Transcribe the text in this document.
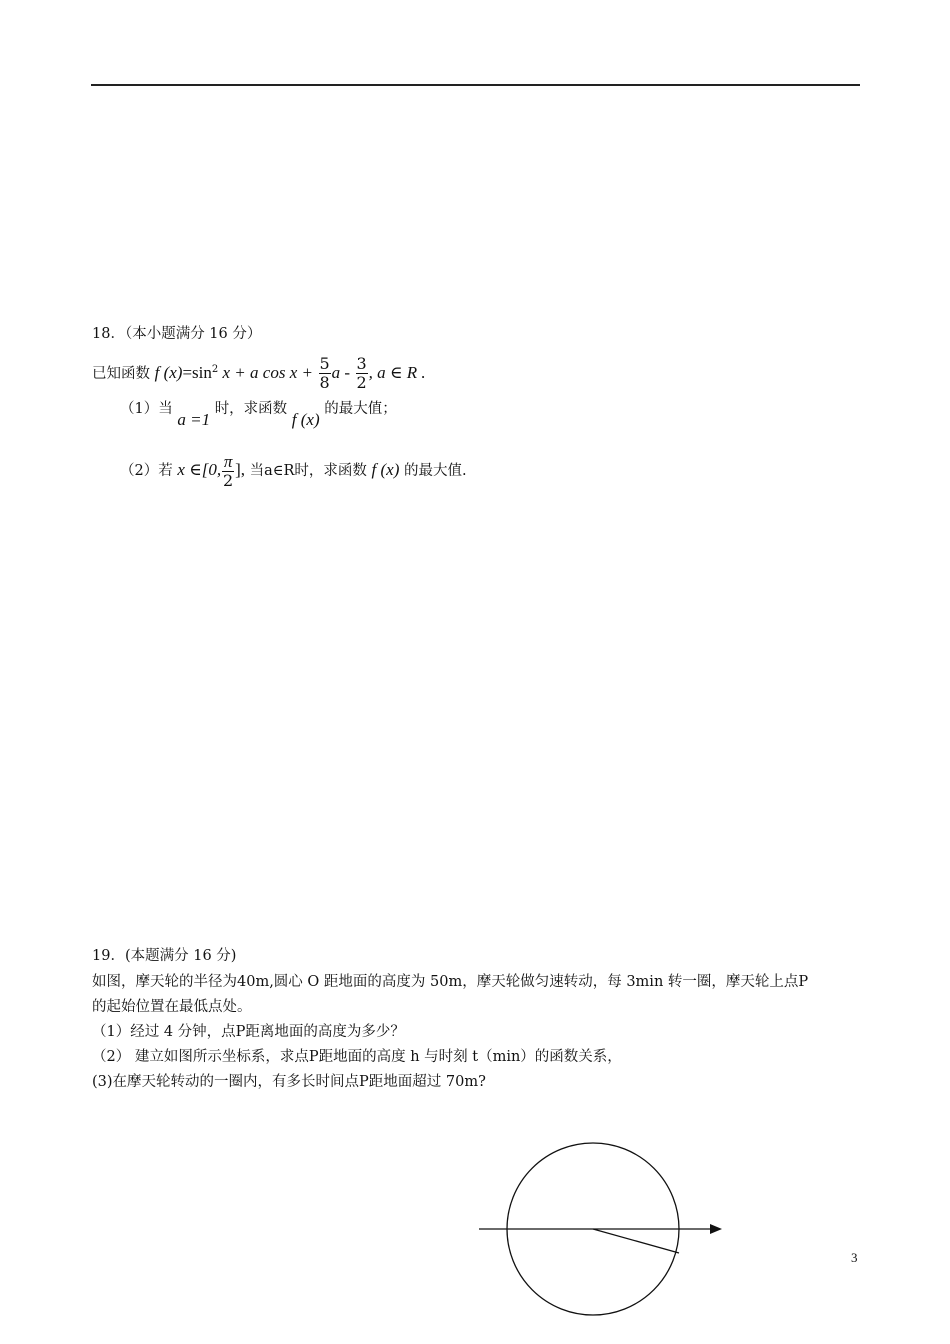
18．（本小题满分 16 分）
已知函数 f $(x)=\sin^2$ x + a $\cos x + \frac{5}{8}$ a - $\frac{3}{2}$ , a ∈ R .
（1）当 a =1 时，求函数 f (x) 的最大值；
（2）若 x ∈[0, $\frac{\pi}{2}$ ], 当a∈R时，求函数 f (x) 的最大值.
19．(本题满分 16 分)
如图，摩天轮的半径为40m,圆心 O 距地面的高度为 50m，摩天轮做匀速转动，每 3min 转一圈，摩天轮上点P
的起始位置在最低点处。
（1）经过 4 分钟，点P距离地面的高度为多少？
（2） 建立如图所示坐标系，求点P距地面的高度 h 与时刻 t（min）的函数关系，
(3)在摩天轮转动的一圈内，有多长时间点P距地面超过 70m?
3
